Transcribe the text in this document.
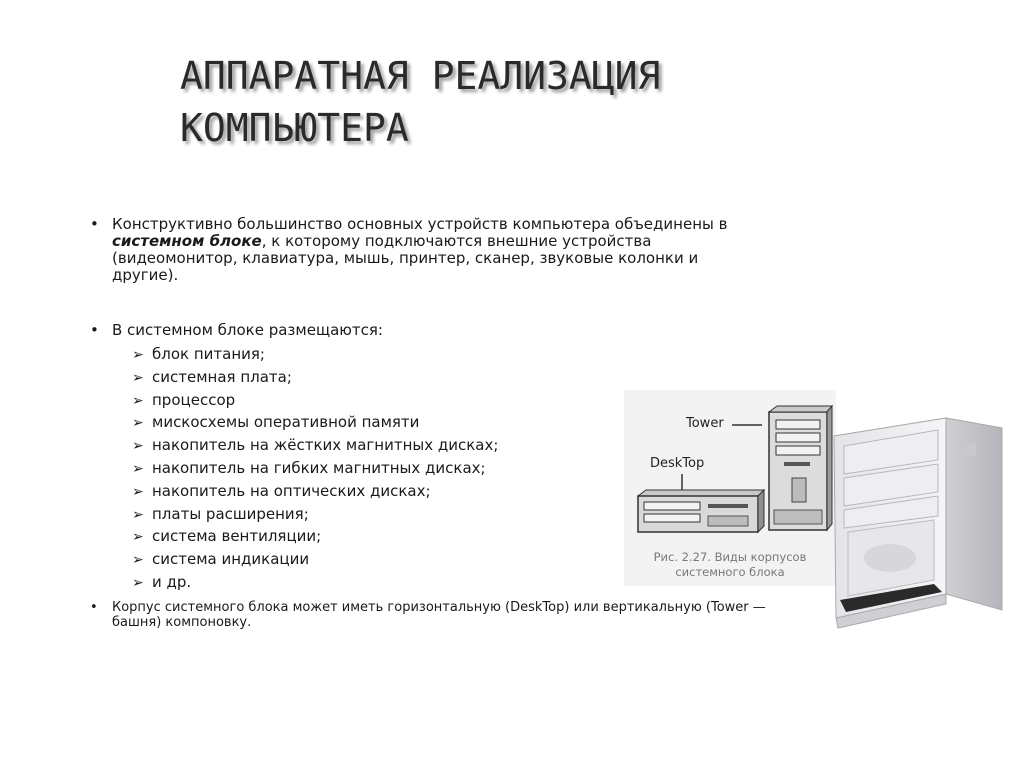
АППАРАТНАЯ РЕАЛИЗАЦИЯ
КОМПЬЮТЕРА
• Конструктивно большинство основных устройств компьютера объединены в системном блоке, к которому подключаются внешние устройства (видеомонитор, клавиатура, мышь, принтер, сканер, звуковые колонки и другие).
• В системном блоке размещаются:
➢ блок питания;
➢ системная плата;
➢ процессор
➢ мискосхемы оперативной памяти
➢ накопитель на жёстких магнитных дисках;
➢ накопитель на гибких магнитных дисках;
➢ накопитель на оптических дисках;
➢ платы расширения;
➢ система вентиляции;
➢ система индикации
➢ и др.
• Корпус системного блока может иметь горизонтальную (DeskTop) или вертикальную (Tower — башня) компоновку.
Tower
DeskTop
Рис. 2.27. Виды корпусов
системного блока
